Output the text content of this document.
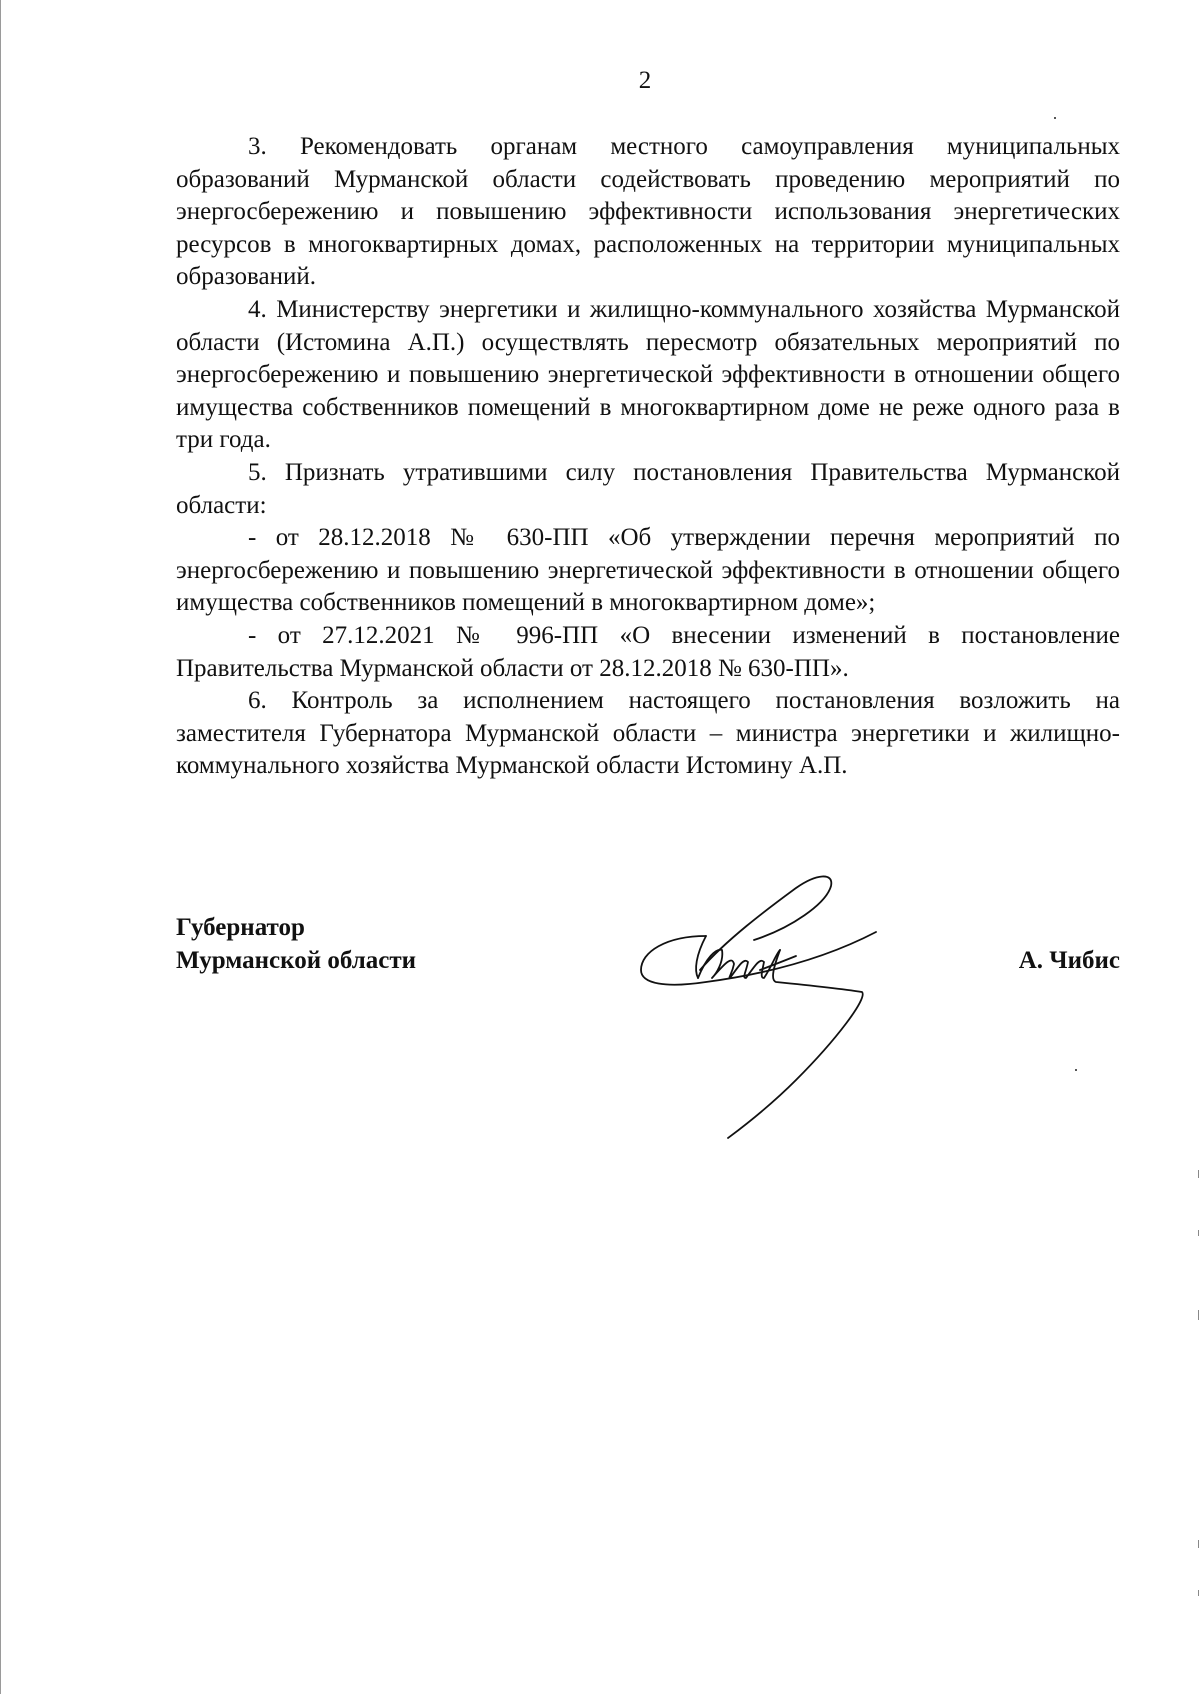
2

3. Рекомендовать органам местного самоуправления муниципальных образований Мурманской области содействовать проведению мероприятий по энергосбережению и повышению эффективности использования энергетических ресурсов в многоквартирных домах, расположенных на территории муниципальных образований.

4. Министерству энергетики и жилищно-коммунального хозяйства Мурманской области (Истомина А.П.) осуществлять пересмотр обязательных мероприятий по энергосбережению и повышению энергетической эффективности в отношении общего имущества собственников помещений в многоквартирном доме не реже одного раза в три года.

5. Признать утратившими силу постановления Правительства Мурманской области:

- от 28.12.2018 № 630-ПП «Об утверждении перечня мероприятий по энергосбережению и повышению энергетической эффективности в отношении общего имущества собственников помещений в многоквартирном доме»;

- от 27.12.2021 № 996-ПП «О внесении изменений в постановление Правительства Мурманской области от 28.12.2018 № 630-ПП».

6. Контроль за исполнением настоящего постановления возложить на заместителя Губернатора Мурманской области – министра энергетики и жилищно-коммунального хозяйства Мурманской области Истомину А.П.

Губернатор
Мурманской области	А. Чибис
